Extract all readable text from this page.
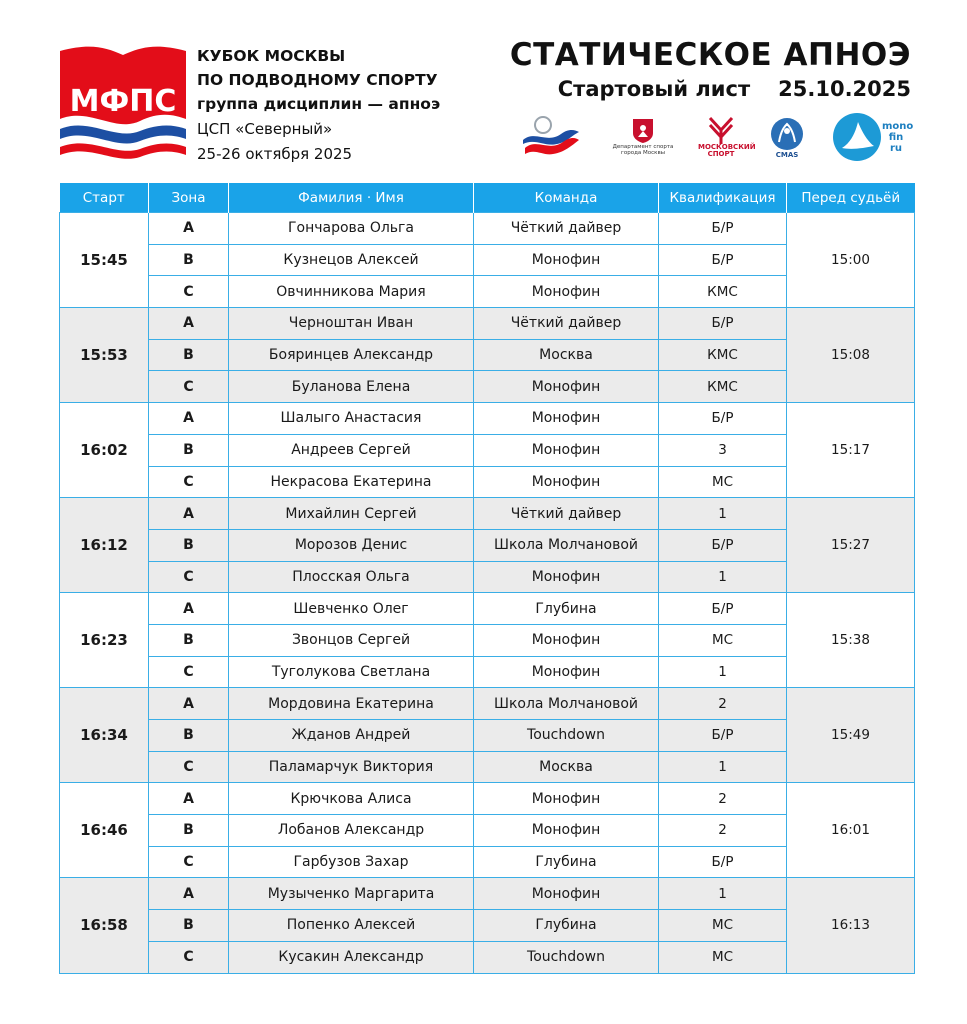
МФПС
КУБОК МОСКВЫ
ПО ПОДВОДНОМУ СПОРТУ
группа дисциплин — апноэ
ЦСП «Северный»
25-26 октября 2025
СТАТИЧЕСКОЕ АПНОЭ
Стартовый лист 25.10.2025
Департамент спорта города Москвы
МОСКОВСКИЙ СПОРТ	CMAS
mono fin ru
Старт	Зона	Фамилия · Имя	Команда	Квалификация	Перед судьёй
15:45	A	Гончарова Ольга	Чёткий дайвер	Б/Р	15:00
	B	Кузнецов Алексей	Монофин	Б/Р	
	C	Овчинникова Мария	Монофин	КМС	
15:53	A	Черноштан Иван	Чёткий дайвер	Б/Р	15:08
	B	Бояринцев Александр	Москва	КМС	
	C	Буланова Елена	Монофин	КМС	
16:02	A	Шалыго Анастасия	Монофин	Б/Р	15:17
	B	Андреев Сергей	Монофин	3	
	C	Некрасова Екатерина	Монофин	МС	
16:12	A	Михайлин Сергей	Чёткий дайвер	1	15:27
	B	Морозов Денис	Школа Молчановой	Б/Р	
	C	Плосская Ольга	Монофин	1	
16:23	A	Шевченко Олег	Глубина	Б/Р	15:38
	B	Звонцов Сергей	Монофин	МС	
	C	Туголукова Светлана	Монофин	1	
16:34	A	Мордовина Екатерина	Школа Молчановой	2	15:49
	B	Жданов Андрей	Touchdown	Б/Р	
	C	Паламарчук Виктория	Москва	1	
16:46	A	Крючкова Алиса	Монофин	2	16:01
	B	Лобанов Александр	Монофин	2	
	C	Гарбузов Захар	Глубина	Б/Р	
16:58	A	Музыченко Маргарита	Монофин	1	16:13
	B	Попенко Алексей	Глубина	МС	
	C	Кусакин Александр	Touchdown	МС	
